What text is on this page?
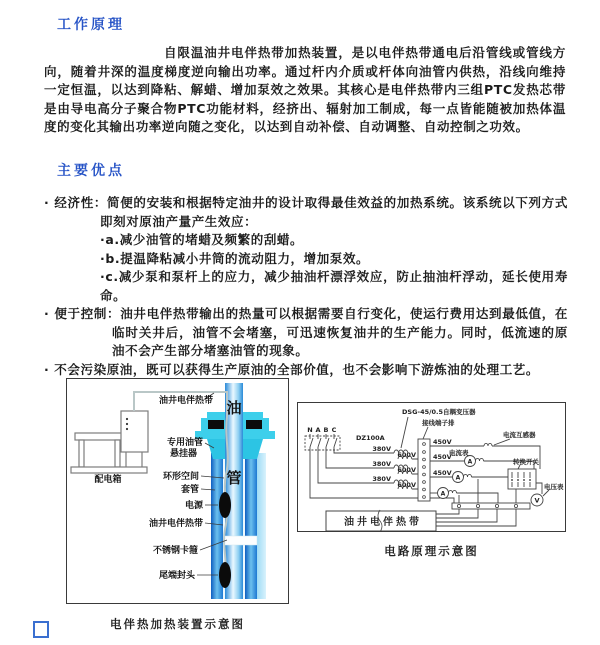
工作原理
自限温油井电伴热带加热装置，是以电伴热带通电后沿管线或管线方向，随着井深的温度梯度逆向输出功率。通过杆内介质或杆体向油管内供热，沿线向维持一定恒温，以达到降粘、解蜡、增加泵效之效果。其核心是电伴热带内三组PTC发热芯带是由导电高分子聚合物PTC功能材料，经挤出、辐射加工制成，每一点皆能随被加热体温度的变化其输出功率逆向随之变化，以达到自动补偿、自动调整、自动控制之功效。
主要优点
· 经济性：简便的安装和根据特定油井的设计取得最佳效益的加热系统。该系统以下列方式即刻对原油产量产生效应：
·a.减少油管的堵蜡及频繁的刮蜡。
·b.提温降粘减小井筒的流动阻力，增加泵效。
·c.减少泵和泵杆上的应力，减少抽油杆漂浮效应，防止抽油杆浮动，延长使用寿命。
· 便于控制：油井电伴热带输出的热量可以根据需要自行变化，使运行费用达到最低值，在临时关井后，油管不会堵塞，可迅速恢复油井的生产能力。同时，低流速的原油不会产生部分堵塞油管的现象。
· 不会污染原油，既可以获得生产原油的全部价值，也不会影响下游炼油的处理工艺。
油
管
油井电伴热带
配电箱
专用油管
悬挂器
环形空间
套管
电源
油井电伴热带
不锈钢卡箍
尾端封头
电伴热加热装置示意图
A
A
A
V
油井电伴热带
N A B C
DZ100A
DSG-45/0.5自耦变压器
接线端子排
380V
380V
380V
600V
600V
600V
450V
450V
450V
电流表
电流互感器
转换开关
电压表
电路原理示意图
